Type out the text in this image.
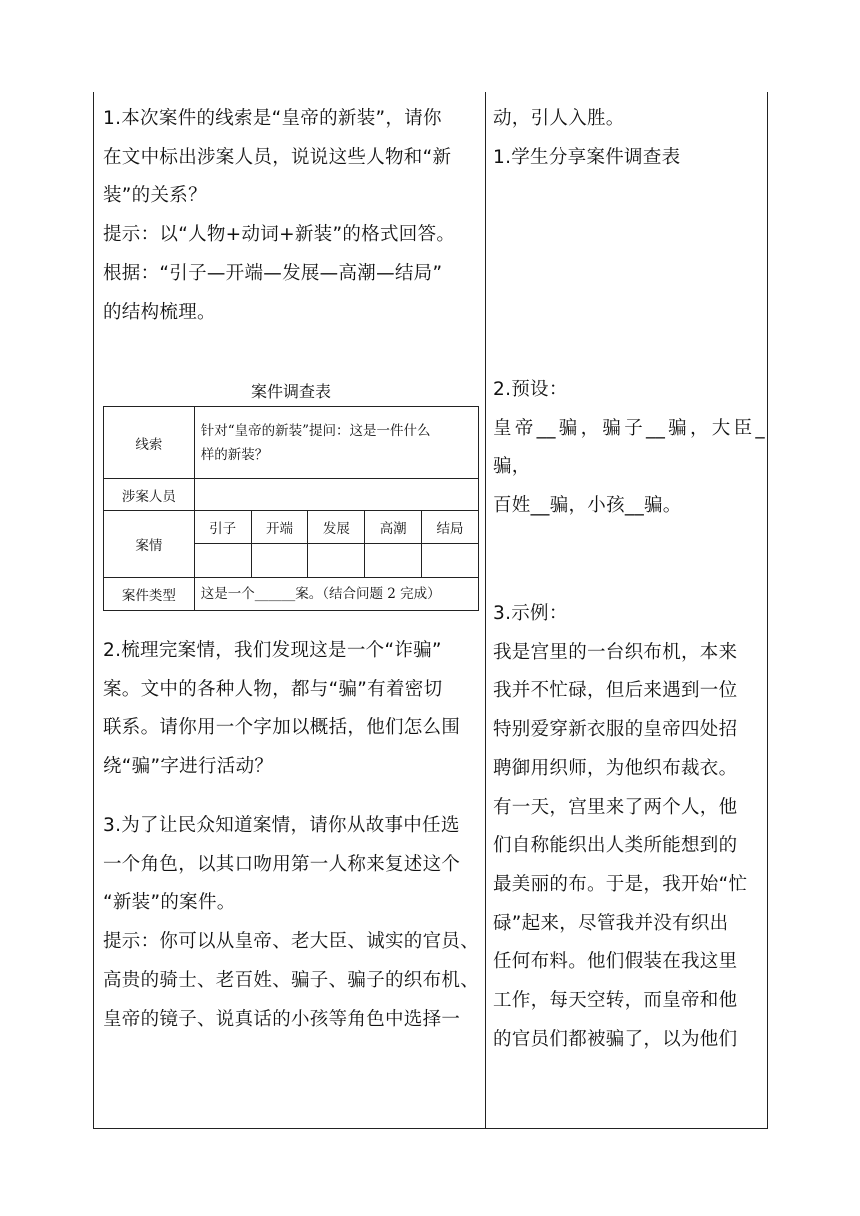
1.本次案件的线索是“皇帝的新装”，请你

在文中标出涉案人员，说说这些人物和“新

装”的关系？

提示：以“人物+动词+新装”的格式回答。

根据：“引子—开端—发展—高潮—结局”

的结构梳理。

案件调查表
线索	针对“皇帝的新装”提问：这是一件什么
样的新装？				

涉案人员					
案情	引子	开端	发展	高潮	结局

案件类型	这是一个______案。（结合问题 2 完成）				

2.梳理完案情，我们发现这是一个“诈骗”

案。文中的各种人物，都与“骗”有着密切

联系。请你用一个字加以概括，他们怎么围

绕“骗”字进行活动？

3.为了让民众知道案情，请你从故事中任选

一个角色，以其口吻用第一人称来复述这个

“新装”的案件。

提示：你可以从皇帝、老大臣、诚实的官员、

高贵的骑士、老百姓、骗子、骗子的织布机、

皇帝的镜子、说真话的小孩等角色中选择一

动，引人入胜。

1.学生分享案件调查表

2.预设：

皇帝__骗，骗子__骗，大臣_骗，

百姓__骗，小孩__骗。

3.示例：

我是宫里的一台织布机，本来

我并不忙碌，但后来遇到一位

特别爱穿新衣服的皇帝四处招

聘御用织师，为他织布裁衣。

有一天，宫里来了两个人，他

们自称能织出人类所能想到的

最美丽的布。于是，我开始“忙

碌”起来，尽管我并没有织出

任何布料。他们假装在我这里

工作，每天空转，而皇帝和他

的官员们都被骗了，以为他们
